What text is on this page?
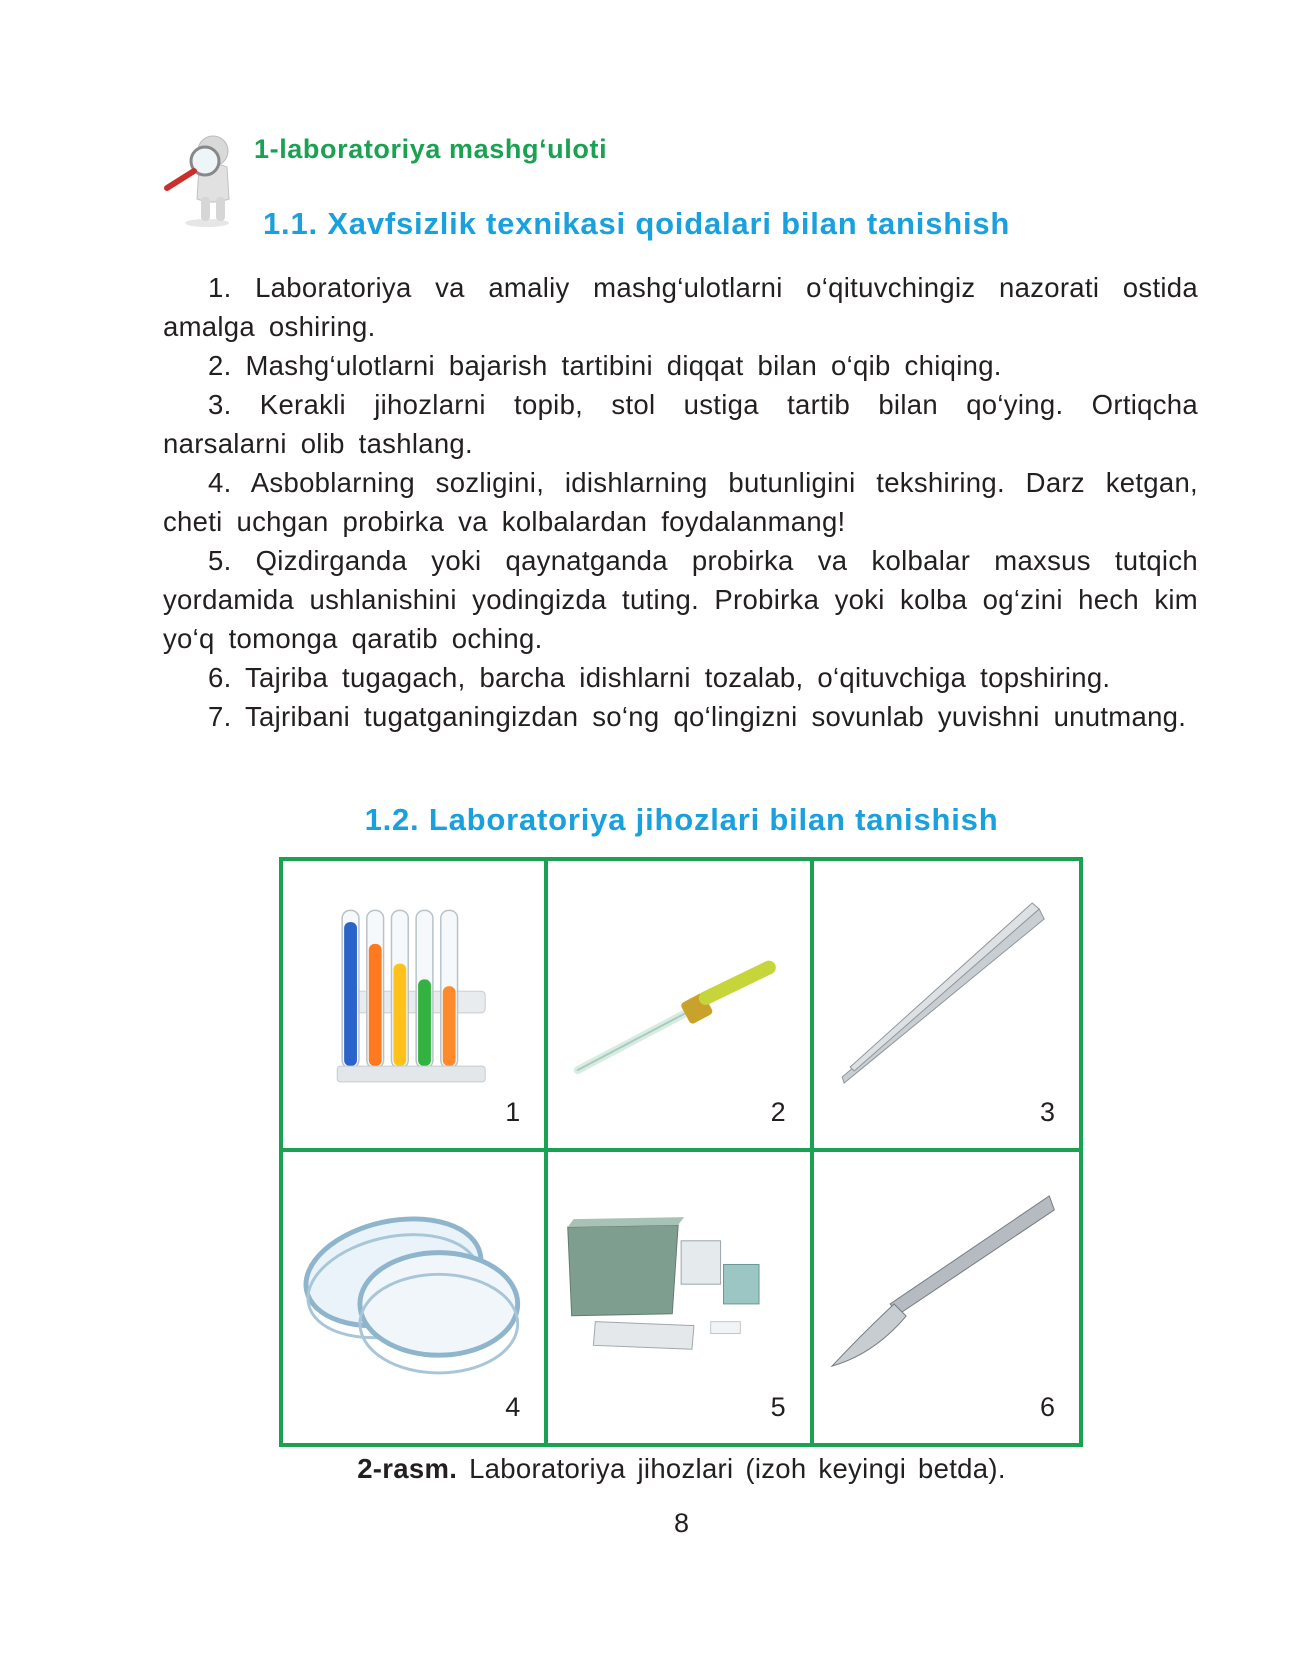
1-laboratoriya mashg‘uloti
1.1. Xavfsizlik texnikasi qoidalari bilan tanishish

1. Laboratoriya va amaliy mashg‘ulotlarni o‘qituvchingiz nazorati ostida amalga oshiring.

2. Mashg‘ulotlarni bajarish tartibini diqqat bilan o‘qib chiqing.

3. Kerakli jihozlarni topib, stol ustiga tartib bilan qo‘ying. Ortiqcha narsalarni olib tashlang.

4. Asboblarning sozligini, idishlarning butunligini tekshiring. Darz ketgan, cheti uchgan probirka va kolbalardan foydalanmang!

5. Qizdirganda yoki qaynatganda probirka va kolbalar maxsus tutqich yordamida ushlanishini yodingizda tuting. Probirka yoki kolba og‘zini hech kim yo‘q tomonga qaratib oching.

6. Tajriba tugagach, barcha idishlarni tozalab, o‘qituvchiga topshiring.

7. Tajribani tugatganingizdan so‘ng qo‘lingizni sovunlab yuvishni unutmang.

1.2. Laboratoriya jihozlari bilan tanishish
1	2	3
4	5	6
2-rasm. Laboratoriya jihozlari (izoh keyingi betda).
8
